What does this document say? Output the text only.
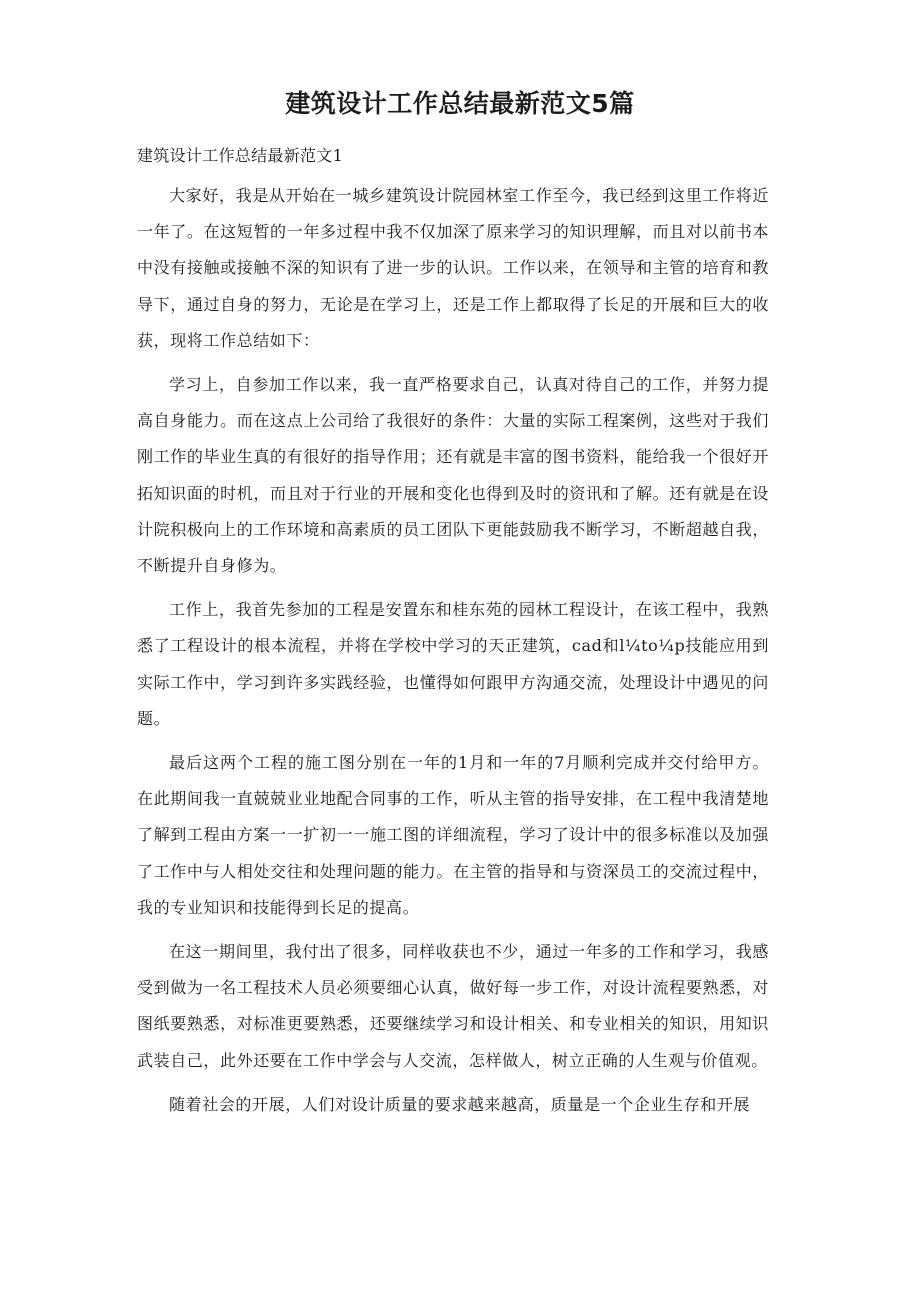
建筑设计工作总结最新范文5篇

建筑设计工作总结最新范文1

大家好，我是从开始在一城乡建筑设计院园林室工作至今，我已经到这里工作将近一年了。在这短暂的一年多过程中我不仅加深了原来学习的知识理解，而且对以前书本中没有接触或接触不深的知识有了进一步的认识。工作以来，在领导和主管的培育和教导下，通过自身的努力，无论是在学习上，还是工作上都取得了长足的开展和巨大的收获，现将工作总结如下：

学习上，自参加工作以来，我一直严格要求自己，认真对待自己的工作，并努力提高自身能力。而在这点上公司给了我很好的条件：大量的实际工程案例，这些对于我们刚工作的毕业生真的有很好的指导作用；还有就是丰富的图书资料，能给我一个很好开拓知识面的时机，而且对于行业的开展和变化也得到及时的资讯和了解。还有就是在设计院积极向上的工作环境和高素质的员工团队下更能鼓励我不断学习，不断超越自我，不断提升自身修为。

工作上，我首先参加的工程是安置东和桂东苑的园林工程设计，在该工程中，我熟悉了工程设计的根本流程，并将在学校中学习的天正建筑，cad和l¼to¼p技能应用到实际工作中，学习到许多实践经验，也懂得如何跟甲方沟通交流，处理设计中遇见的问题。

最后这两个工程的施工图分别在一年的1月和一年的7月顺利完成并交付给甲方。在此期间我一直兢兢业业地配合同事的工作，听从主管的指导安排，在工程中我清楚地了解到工程由方案一一扩初一一施工图的详细流程，学习了设计中的很多标准以及加强了工作中与人相处交往和处理问题的能力。在主管的指导和与资深员工的交流过程中，我的专业知识和技能得到长足的提高。

在这一期间里，我付出了很多，同样收获也不少，通过一年多的工作和学习，我感受到做为一名工程技术人员必须要细心认真，做好每一步工作，对设计流程要熟悉，对图纸要熟悉，对标准更要熟悉，还要继续学习和设计相关、和专业相关的知识，用知识武装自己，此外还要在工作中学会与人交流，怎样做人，树立正确的人生观与价值观。

随着社会的开展，人们对设计质量的要求越来越高，质量是一个企业生存和开展
